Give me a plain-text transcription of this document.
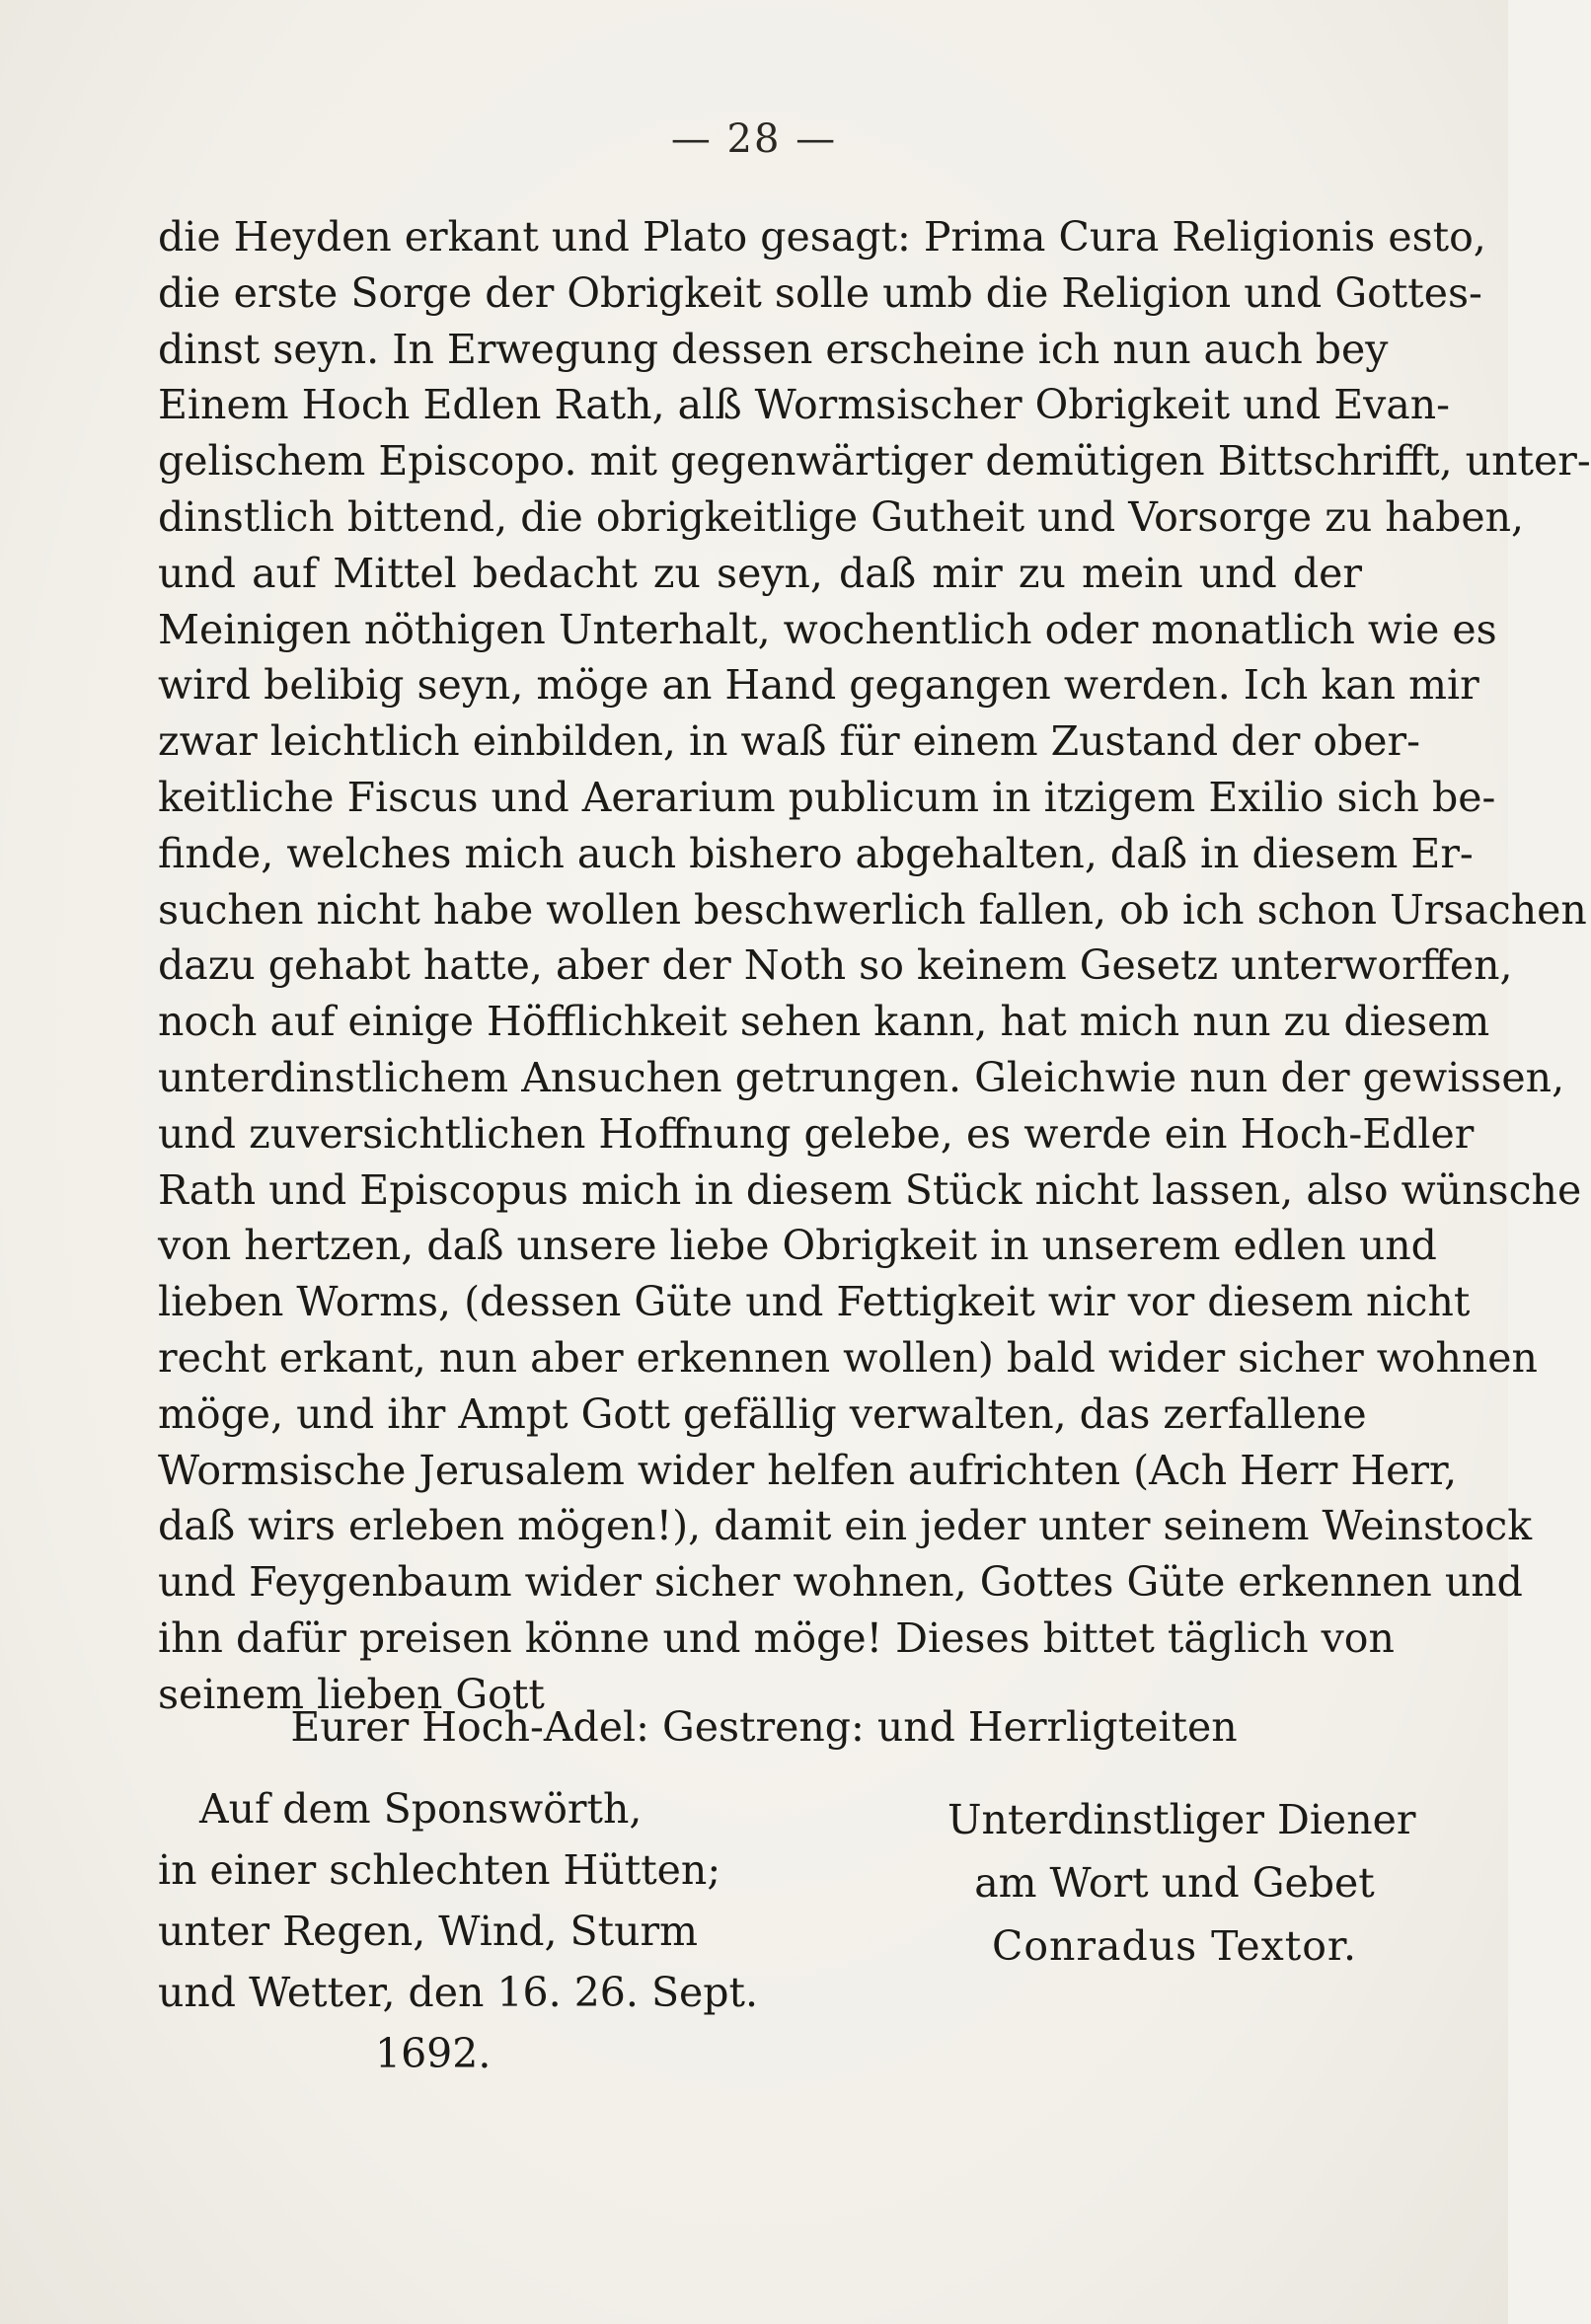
— 28 —
die Heyden erkant und Plato gesagt: Prima Cura Religionis esto,
die erste Sorge der Obrigkeit solle umb die Religion und Gottes-
dinst seyn. In Erwegung dessen erscheine ich nun auch bey
Einem Hoch Edlen Rath, alß Wormsischer Obrigkeit und Evan-
gelischem Episcopo. mit gegenwärtiger demütigen Bittschrifft, unter-
dinstlich bittend, die obrigkeitlige Gutheit und Vorsorge zu haben,
und auf Mittel bedacht zu seyn, daß mir zu mein und der
Meinigen nöthigen Unterhalt, wochentlich oder monatlich wie es
wird belibig seyn, möge an Hand gegangen werden. Ich kan mir
zwar leichtlich einbilden, in waß für einem Zustand der ober-
keitliche Fiscus und Aerarium publicum in itzigem Exilio sich be-
finde, welches mich auch bishero abgehalten, daß in diesem Er-
suchen nicht habe wollen beschwerlich fallen, ob ich schon Ursachen
dazu gehabt hatte, aber der Noth so keinem Gesetz unterworffen,
noch auf einige Höfflichkeit sehen kann, hat mich nun zu diesem
unterdinstlichem Ansuchen getrungen. Gleichwie nun der gewissen,
und zuversichtlichen Hoffnung gelebe, es werde ein Hoch-Edler
Rath und Episcopus mich in diesem Stück nicht lassen, also wünsche
von hertzen, daß unsere liebe Obrigkeit in unserem edlen und
lieben Worms, (dessen Güte und Fettigkeit wir vor diesem nicht
recht erkant, nun aber erkennen wollen) bald wider sicher wohnen
möge, und ihr Ampt Gott gefällig verwalten, das zerfallene
Wormsische Jerusalem wider helfen aufrichten (Ach Herr Herr,
daß wirs erleben mögen!), damit ein jeder unter seinem Weinstock
und Feygenbaum wider sicher wohnen, Gottes Güte erkennen und
ihn dafür preisen könne und möge! Dieses bittet täglich von
seinem lieben Gott
Eurer Hoch-Adel: Gestreng: und Herrligteiten
Auf dem Sponswörth,
in einer schlechten Hütten;
unter Regen, Wind, Sturm
und Wetter, den 16. 26. Sept.
1692.
Unterdinstliger Diener
am Wort und Gebet
Conradus Textor.
